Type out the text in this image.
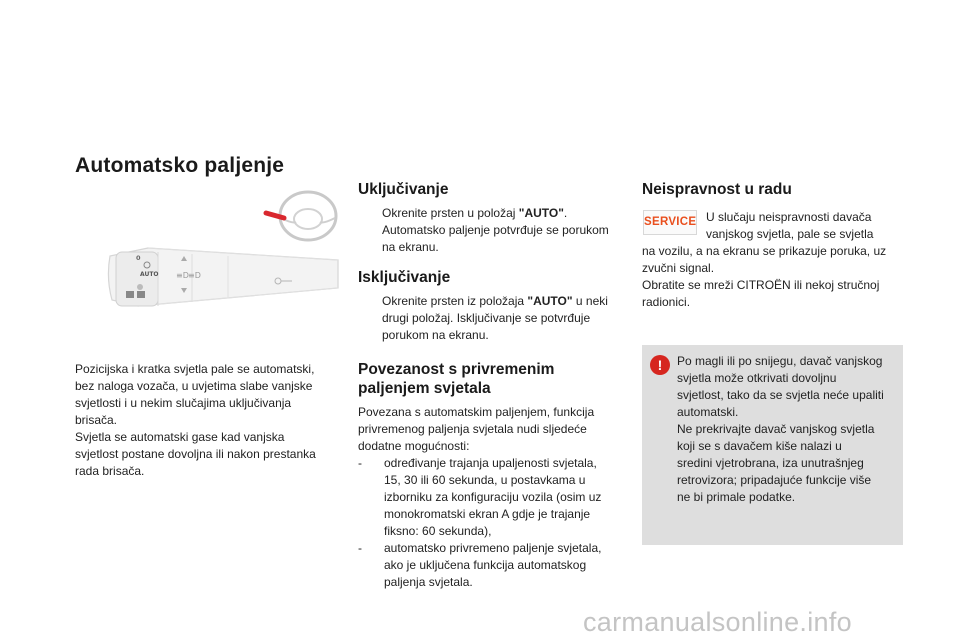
Automatsko paljenje
≡D ≡D
0
AUTO

Pozicijska i kratka svjetla pale se automatski,

bez naloga vozača, u uvjetima slabe vanjske

svjetlosti i u nekim slučajima uključivanja

brisača.

Svjetla se automatski gase kad vanjska

svjetlost postane dovoljna ili nakon prestanka

rada brisača.

Uključivanje

Okrenite prsten u položaj "AUTO".

Automatsko paljenje potvrđuje se porukom

na ekranu.

Isključivanje

Okrenite prsten iz položaja "AUTO" u neki

drugi položaj. Isključivanje se potvrđuje

porukom na ekranu.

Povezanost s privremenim
paljenjem svjetala

Povezana s automatskim paljenjem, funkcija

privremenog paljenja svjetala nudi sljedeće

dodatne mogućnosti:

- određivanje trajanja upaljenosti svjetala,

15, 30 ili 60 sekunda, u postavkama u

izborniku za konfiguraciju vozila (osim uz

monokromatski ekran A gdje je trajanje

fiksno: 60 sekunda),

- automatsko privremeno paljenje svjetala,

ako je uključena funkcija automatskog

paljenja svjetala.

Neispravnost u radu
SERVICE U slučaju neispravnosti davača

vanjskog svjetla, pale se svjetla

na vozilu, a na ekranu se prikazuje poruka, uz

zvučni signal.

Obratite se mreži CITROËN ili nekoj stručnoj

radionici.

!	Po magli ili po snijegu, davač vanjskog

svjetla može otkrivati dovoljnu

svjetlost, tako da se svjetla neće upaliti

automatski.

Ne prekrivajte davač vanjskog svjetla

koji se s davačem kiše nalazi u

sredini vjetrobrana, iza unutrašnjeg

retrovizora; pripadajuće funkcije više

ne bi primale podatke.

carmanualsonline.info
